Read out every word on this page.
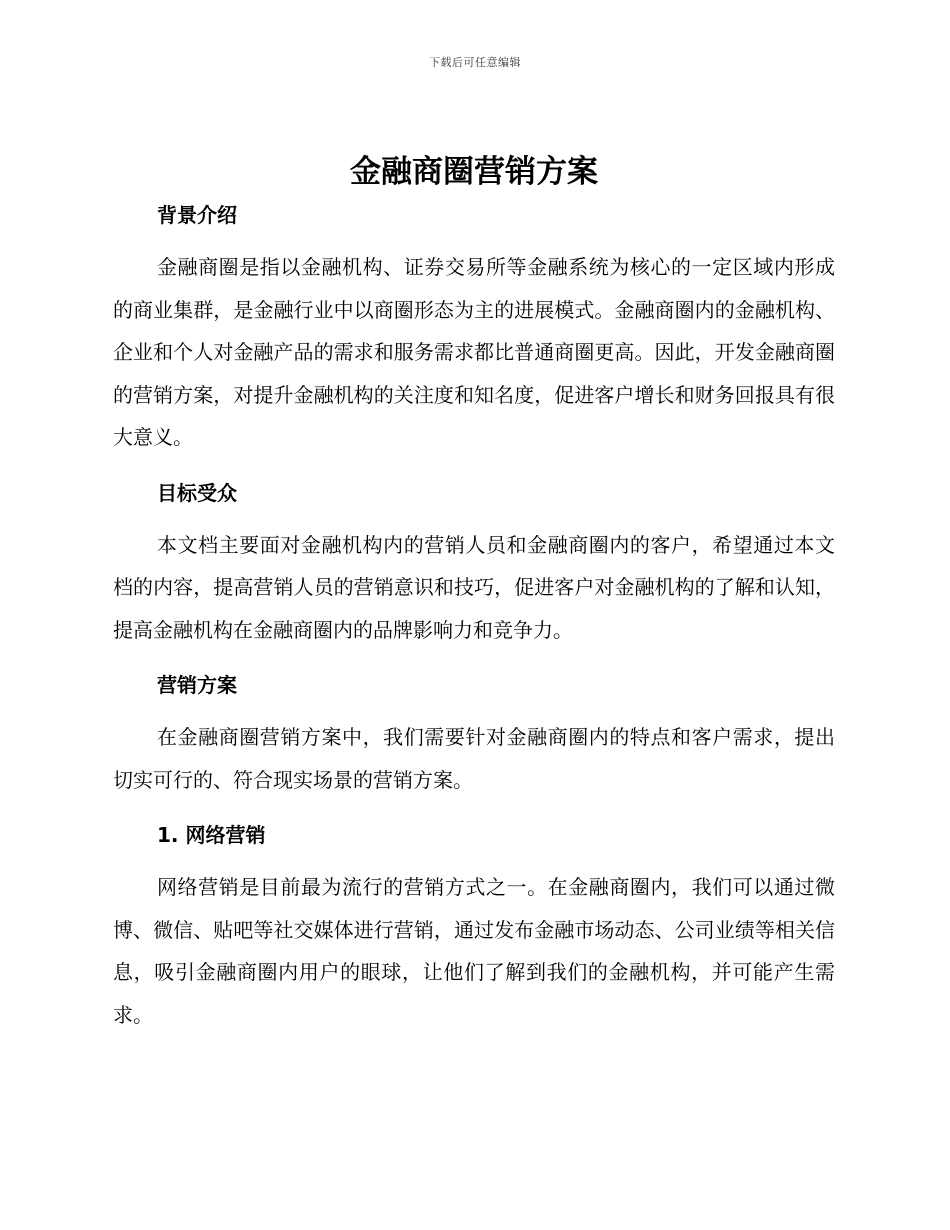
下载后可任意编辑
金融商圈营销方案
背景介绍

金融商圈是指以金融机构、证券交易所等金融系统为核心的一定区域内形成的商业集群，是金融行业中以商圈形态为主的进展模式。金融商圈内的金融机构、企业和个人对金融产品的需求和服务需求都比普通商圈更高。因此，开发金融商圈的营销方案，对提升金融机构的关注度和知名度，促进客户增长和财务回报具有很大意义。

目标受众

本文档主要面对金融机构内的营销人员和金融商圈内的客户，希望通过本文档的内容，提高营销人员的营销意识和技巧，促进客户对金融机构的了解和认知，提高金融机构在金融商圈内的品牌影响力和竞争力。

营销方案

在金融商圈营销方案中，我们需要针对金融商圈内的特点和客户需求，提出切实可行的、符合现实场景的营销方案。

1. 网络营销

网络营销是目前最为流行的营销方式之一。在金融商圈内，我们可以通过微博、微信、贴吧等社交媒体进行营销，通过发布金融市场动态、公司业绩等相关信息，吸引金融商圈内用户的眼球，让他们了解到我们的金融机构，并可能产生需求。
